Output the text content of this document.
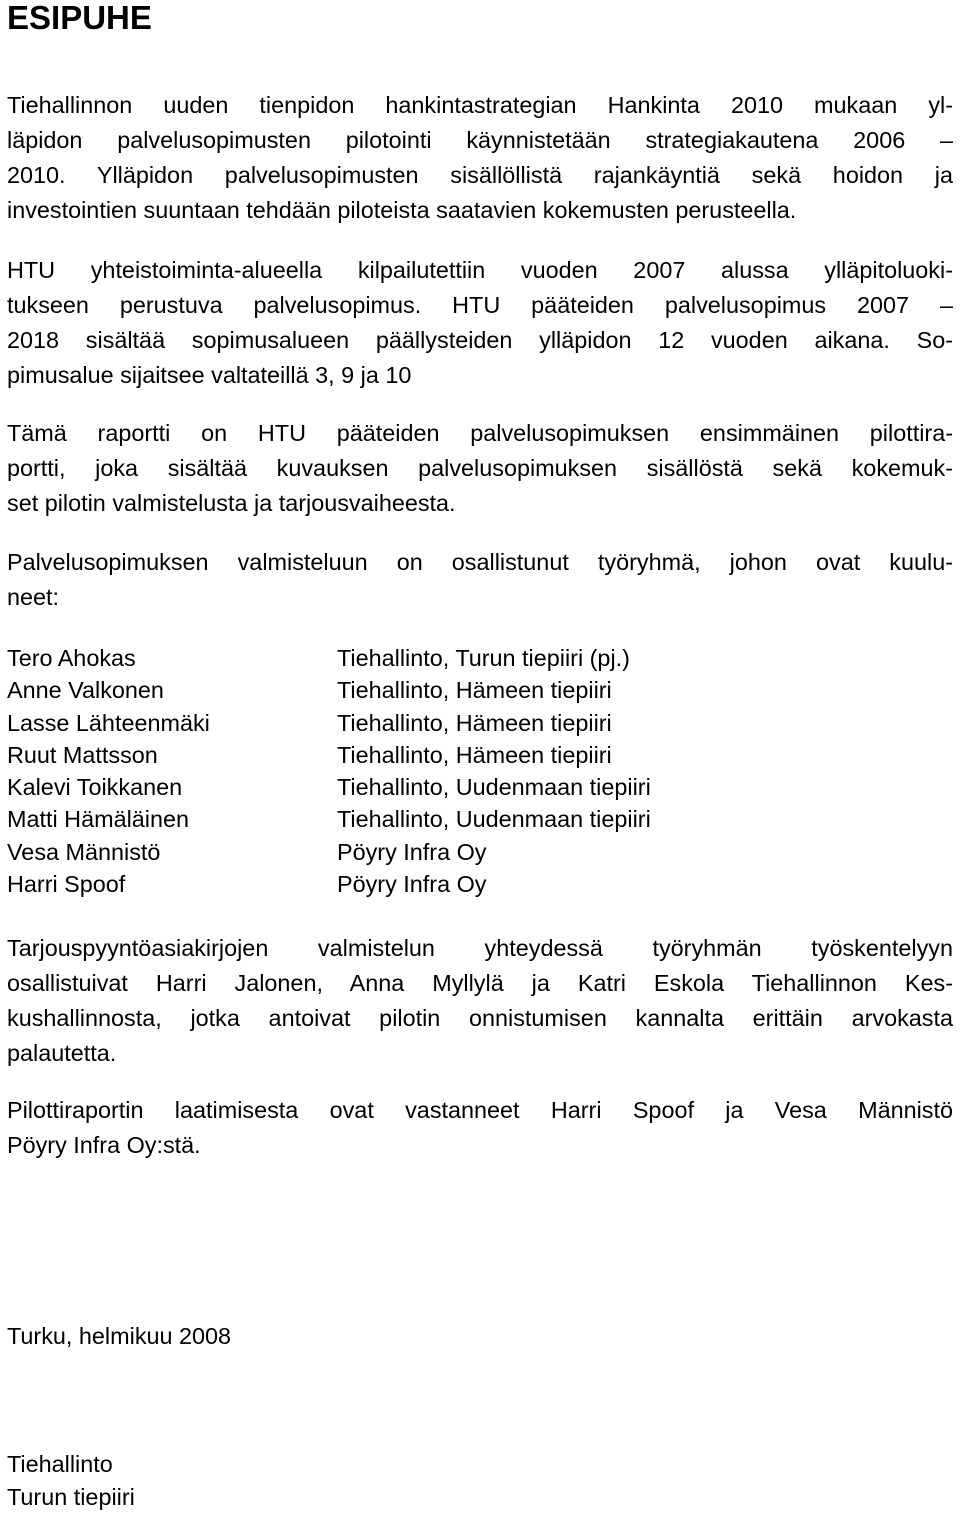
ESIPUHE

Tiehallinnon uuden tienpidon hankintastrategian Hankinta 2010 mukaan yl-
läpidon palvelusopimusten pilotointi käynnistetään strategiakautena 2006 –
2010. Ylläpidon palvelusopimusten sisällöllistä rajankäyntiä sekä hoidon ja
investointien suuntaan tehdään piloteista saatavien kokemusten perusteella.

HTU yhteistoiminta-alueella kilpailutettiin vuoden 2007 alussa ylläpitoluoki-
tukseen perustuva palvelusopimus. HTU pääteiden palvelusopimus 2007 –
2018 sisältää sopimusalueen päällysteiden ylläpidon 12 vuoden aikana. So-
pimusalue sijaitsee valtateillä 3, 9 ja 10

Tämä raportti on HTU pääteiden palvelusopimuksen ensimmäinen pilottira-
portti, joka sisältää kuvauksen palvelusopimuksen sisällöstä sekä kokemuk-
set pilotin valmistelusta ja tarjousvaiheesta.

Palvelusopimuksen valmisteluun on osallistunut työryhmä, johon ovat kuulu-
neet:

Tero Ahokas	Tiehallinto, Turun tiepiiri (pj.)
Anne Valkonen	Tiehallinto, Hämeen tiepiiri
Lasse Lähteenmäki	Tiehallinto, Hämeen tiepiiri
Ruut Mattsson	Tiehallinto, Hämeen tiepiiri
Kalevi Toikkanen	Tiehallinto, Uudenmaan tiepiiri
Matti Hämäläinen	Tiehallinto, Uudenmaan tiepiiri
Vesa Männistö	Pöyry Infra Oy
Harri Spoof	Pöyry Infra Oy

Tarjouspyyntöasiakirjojen valmistelun yhteydessä työryhmän työskentelyyn
osallistuivat Harri Jalonen, Anna Myllylä ja Katri Eskola Tiehallinnon Kes-
kushallinnosta, jotka antoivat pilotin onnistumisen kannalta erittäin arvokasta
palautetta.

Pilottiraportin laatimisesta ovat vastanneet Harri Spoof ja Vesa Männistö
Pöyry Infra Oy:stä.

Turku, helmikuu 2008

Tiehallinto

Turun tiepiiri
